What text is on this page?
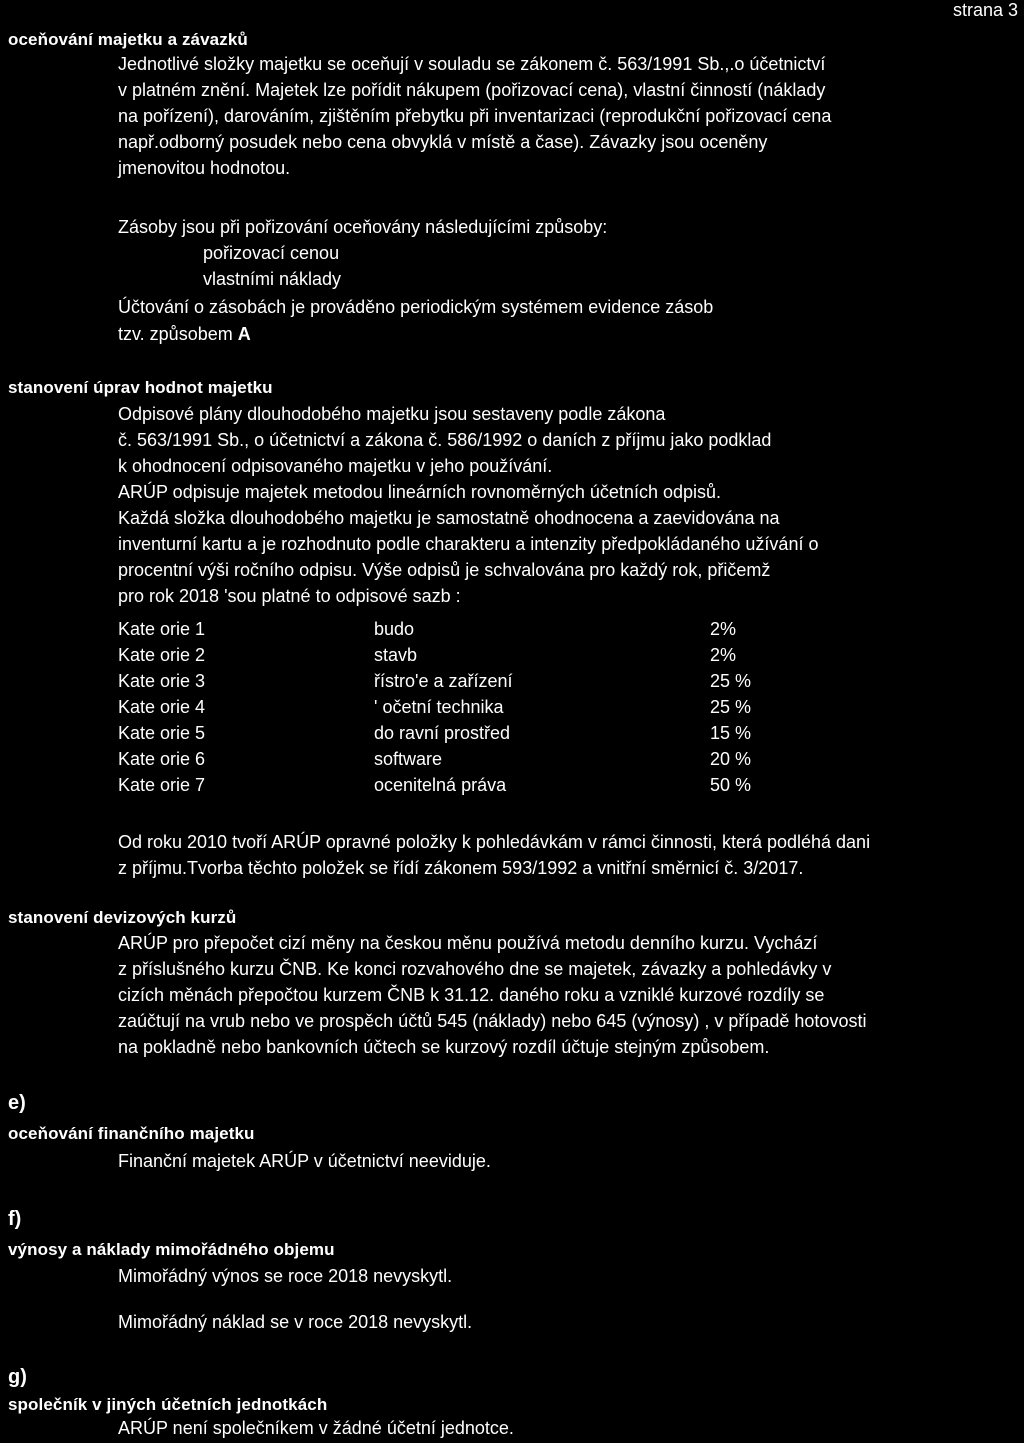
strana 3
oceňování majetku a závazků
Jednotlivé složky majetku se oceňují v souladu se zákonem č. 563/1991 Sb.,.o účetnictví
v platném znění. Majetek lze pořídit nákupem (pořizovací cena), vlastní činností (náklady
na pořízení), darováním, zjištěním přebytku při inventarizaci (reprodukční pořizovací cena
např.odborný posudek nebo cena obvyklá v místě a čase). Závazky jsou oceněny
jmenovitou hodnotou.
Zásoby jsou při pořizování oceňovány následujícími způsoby:
pořizovací cenou
vlastními náklady
Účtování o zásobách je prováděno periodickým systémem evidence zásob
tzv. způsobem A
stanovení úprav hodnot majetku
Odpisové plány dlouhodobého majetku jsou sestaveny podle zákona
č. 563/1991 Sb., o účetnictví a zákona č. 586/1992 o daních z příjmu jako podklad
k ohodnocení odpisovaného majetku v jeho používání.
ARÚP odpisuje majetek metodou lineárních rovnoměrných účetních odpisů.
Každá složka dlouhodobého majetku je samostatně ohodnocena a zaevidována na
inventurní kartu a je rozhodnuto podle charakteru a intenzity předpokládaného užívání o
procentní výši ročního odpisu. Výše odpisů je schvalována pro každý rok, přičemž
pro rok 2018 'sou platné to odpisové sazb :
Kate orie 1	budo	2%
Kate orie 2	stavb	2%
Kate orie 3	řístro'e a zařízení	25 %
Kate orie 4	' očetní technika	25 %
Kate orie 5	do ravní prostřed	15 %
Kate orie 6	software	20 %
Kate orie 7	ocenitelná práva	50 %
Od roku 2010 tvoří ARÚP opravné položky k pohledávkám v rámci činnosti, která podléhá dani
z příjmu.Tvorba těchto položek se řídí zákonem 593/1992 a vnitřní směrnicí č. 3/2017.
stanovení devizových kurzů
ARÚP pro přepočet cizí měny na českou měnu používá metodu denního kurzu. Vychází
z příslušného kurzu ČNB. Ke konci rozvahového dne se majetek, závazky a pohledávky v
cizích měnách přepočtou kurzem ČNB k 31.12. daného roku a vzniklé kurzové rozdíly se
zaúčtují na vrub nebo ve prospěch účtů 545 (náklady) nebo 645 (výnosy) , v případě hotovosti
na pokladně nebo bankovních účtech se kurzový rozdíl účtuje stejným způsobem.
e)
oceňování finančního majetku
Finanční majetek ARÚP v účetnictví neeviduje.
f)
výnosy a náklady mimořádného objemu
Mimořádný výnos se roce 2018 nevyskytl.
Mimořádný náklad se v roce 2018 nevyskytl.
g)
společník v jiných účetních jednotkách
ARÚP není společníkem v žádné účetní jednotce.
